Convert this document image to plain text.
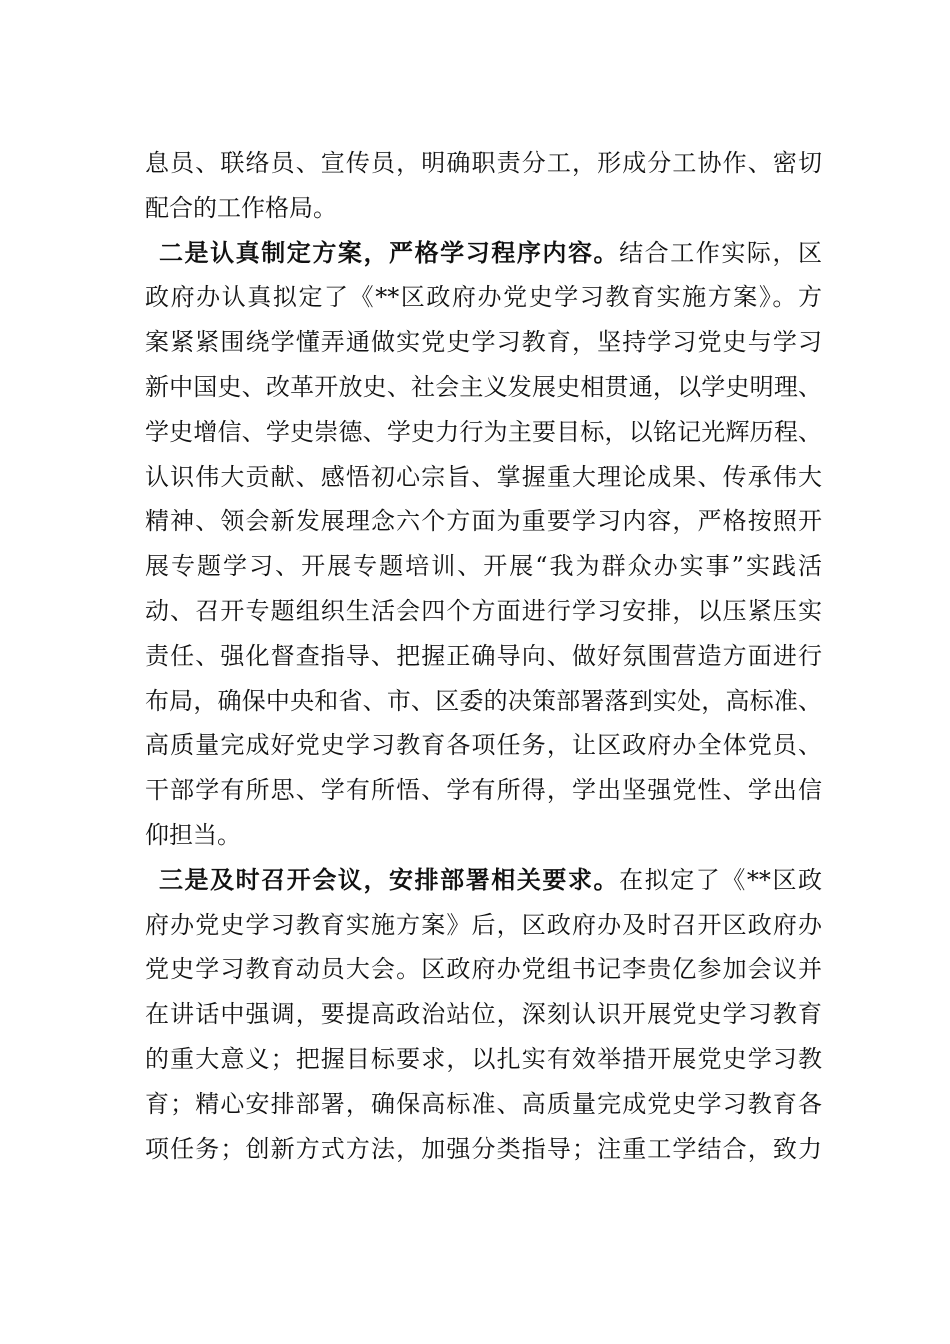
息员、联络员、宣传员，明确职责分工，形成分工协作、密切
配合的工作格局。
二是认真制定方案，严格学习程序内容。结合工作实际，区
政府办认真拟定了《**区政府办党史学习教育实施方案》。方
案紧紧围绕学懂弄通做实党史学习教育，坚持学习党史与学习
新中国史、改革开放史、社会主义发展史相贯通，以学史明理、
学史增信、学史崇德、学史力行为主要目标，以铭记光辉历程、
认识伟大贡献、感悟初心宗旨、掌握重大理论成果、传承伟大
精神、领会新发展理念六个方面为重要学习内容，严格按照开
展专题学习、开展专题培训、开展“我为群众办实事”实践活
动、召开专题组织生活会四个方面进行学习安排，以压紧压实
责任、强化督查指导、把握正确导向、做好氛围营造方面进行
布局，确保中央和省、市、区委的决策部署落到实处，高标准、
高质量完成好党史学习教育各项任务，让区政府办全体党员、
干部学有所思、学有所悟、学有所得，学出坚强党性、学出信
仰担当。
三是及时召开会议，安排部署相关要求。在拟定了《**区政
府办党史学习教育实施方案》后，区政府办及时召开区政府办
党史学习教育动员大会。区政府办党组书记李贵亿参加会议并
在讲话中强调，要提高政治站位，深刻认识开展党史学习教育
的重大意义；把握目标要求，以扎实有效举措开展党史学习教
育；精心安排部署，确保高标准、高质量完成党史学习教育各
项任务；创新方式方法，加强分类指导；注重工学结合，致力
